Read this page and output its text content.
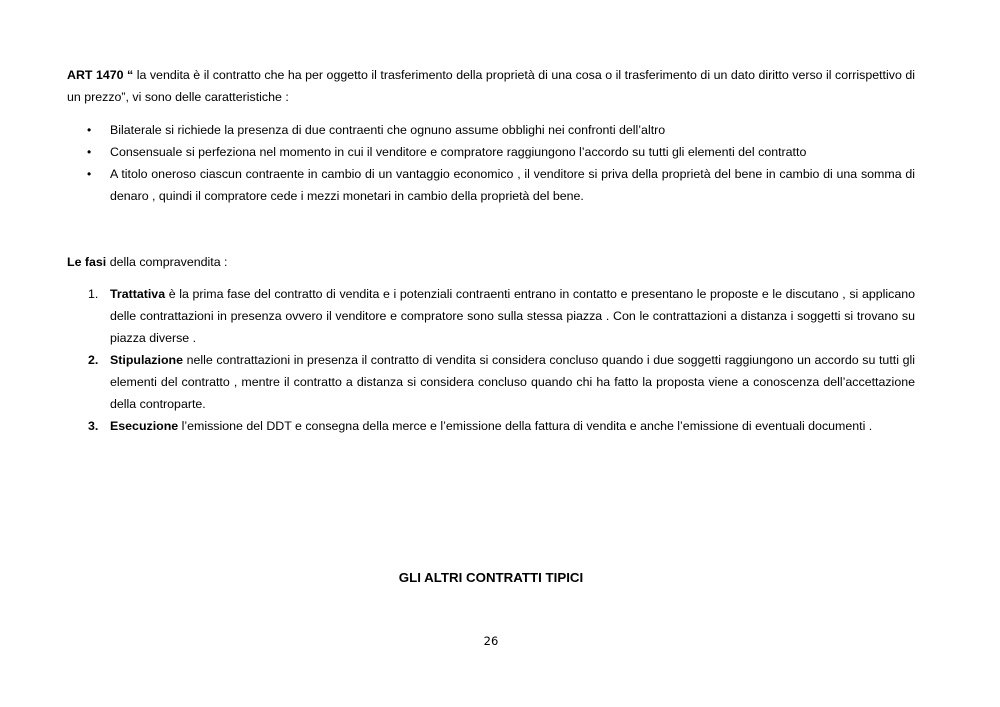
ART 1470 “ la vendita è il contratto che ha per oggetto il trasferimento della proprietà di una cosa o il trasferimento di un dato diritto verso il corrispettivo di un prezzo”, vi sono delle caratteristiche :

• Bilaterale si richiede la presenza di due contraenti che ognuno assume obblighi nei confronti dell’altro
• Consensuale si perfeziona nel momento in cui il venditore e compratore raggiungono l’accordo su tutti gli elementi del contratto
• A titolo oneroso ciascun contraente in cambio di un vantaggio economico , il venditore si priva della proprietà del bene in cambio di una somma di denaro , quindi il compratore cede i mezzi monetari in cambio della proprietà del bene.

Le fasi della compravendita :

1. Trattativa è la prima fase del contratto di vendita e i potenziali contraenti entrano in contatto e presentano le proposte e le discutano , si applicano delle contrattazioni in presenza ovvero il venditore e compratore sono sulla stessa piazza . Con le contrattazioni a distanza i soggetti si trovano su piazza diverse .
2. Stipulazione nelle contrattazioni in presenza il contratto di vendita si considera concluso quando i due soggetti raggiungono un accordo su tutti gli elementi del contratto , mentre il contratto a distanza si considera concluso quando chi ha fatto la proposta viene a conoscenza dell’accettazione della controparte.
3. Esecuzione l’emissione del DDT e consegna della merce e l’emissione della fattura di vendita e anche l’emissione di eventuali documenti .
GLI ALTRI CONTRATTI TIPICI
26
